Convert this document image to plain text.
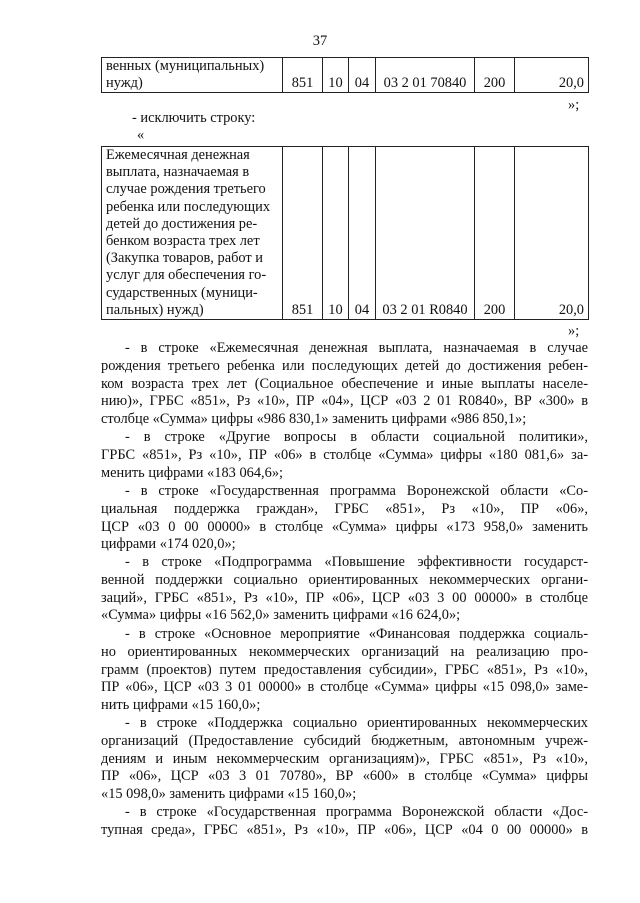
37
венных (муниципальных)
нужд)	851	10	04	03 2 01 70840	200	20,0
»;
- исключить строку:
«
Ежемесячная денежная
выплата, назначаемая в
случае рождения третьего
ребенка или последующих
детей до достижения ре-
бенком возраста трех лет
(Закупка товаров, работ и
услуг для обеспечения го-
сударственных (муници-
пальных) нужд)	851	10	04	03 2 01 R0840	200	20,0
»;
- в строке «Ежемесячная денежная выплата, назначаемая в случае
рождения третьего ребенка или последующих детей до достижения ребен-
ком возраста трех лет (Социальное обеспечение и иные выплаты населе-
нию)», ГРБС «851», Рз «10», ПР «04», ЦСР «03 2 01 R0840», ВР «300» в
столбце «Сумма» цифры «986 830,1» заменить цифрами «986 850,1»;
- в строке «Другие вопросы в области социальной политики»,
ГРБС «851», Рз «10», ПР «06» в столбце «Сумма» цифры «180 081,6» за-
менить цифрами «183 064,6»;
- в строке «Государственная программа Воронежской области «Со-
циальная поддержка граждан», ГРБС «851», Рз «10», ПР «06»,
ЦСР «03 0 00 00000» в столбце «Сумма» цифры «173 958,0» заменить
цифрами «174 020,0»;
- в строке «Подпрограмма «Повышение эффективности государст-
венной поддержки социально ориентированных некоммерческих органи-
заций», ГРБС «851», Рз «10», ПР «06», ЦСР «03 3 00 00000» в столбце
«Сумма» цифры «16 562,0» заменить цифрами «16 624,0»;
- в строке «Основное мероприятие «Финансовая поддержка социаль-
но ориентированных некоммерческих организаций на реализацию про-
грамм (проектов) путем предоставления субсидии», ГРБС «851», Рз «10»,
ПР «06», ЦСР «03 3 01 00000» в столбце «Сумма» цифры «15 098,0» заме-
нить цифрами «15 160,0»;
- в строке «Поддержка социально ориентированных некоммерческих
организаций (Предоставление субсидий бюджетным, автономным учреж-
дениям и иным некоммерческим организациям)», ГРБС «851», Рз «10»,
ПР «06», ЦСР «03 3 01 70780», ВР «600» в столбце «Сумма» цифры
«15 098,0» заменить цифрами «15 160,0»;
- в строке «Государственная программа Воронежской области «Дос-
тупная среда», ГРБС «851», Рз «10», ПР «06», ЦСР «04 0 00 00000» в
